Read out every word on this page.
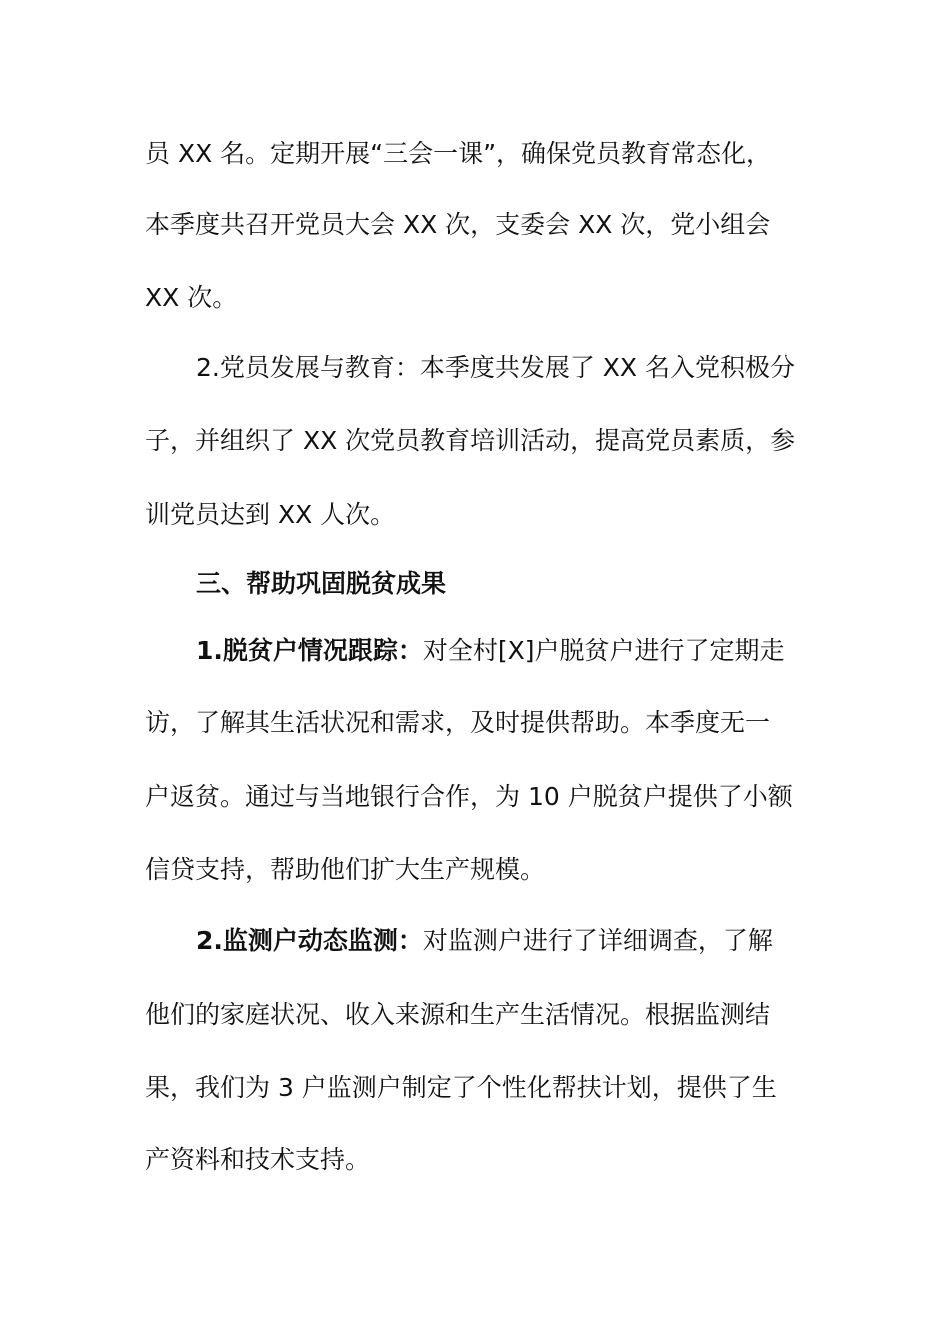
员 XX 名。定期开展“三会一课”，确保党员教育常态化，
本季度共召开党员大会 XX 次，支委会 XX 次，党小组会
XX 次。
2.党员发展与教育：本季度共发展了 XX 名入党积极分
子，并组织了 XX 次党员教育培训活动，提高党员素质，参
训党员达到 XX 人次。
三、帮助巩固脱贫成果
1.脱贫户情况跟踪：对全村[X]户脱贫户进行了定期走
访，了解其生活状况和需求，及时提供帮助。本季度无一
户返贫。通过与当地银行合作，为 10 户脱贫户提供了小额
信贷支持，帮助他们扩大生产规模。
2.监测户动态监测：对监测户进行了详细调查，了解
他们的家庭状况、收入来源和生产生活情况。根据监测结
果，我们为 3 户监测户制定了个性化帮扶计划，提供了生
产资料和技术支持。
